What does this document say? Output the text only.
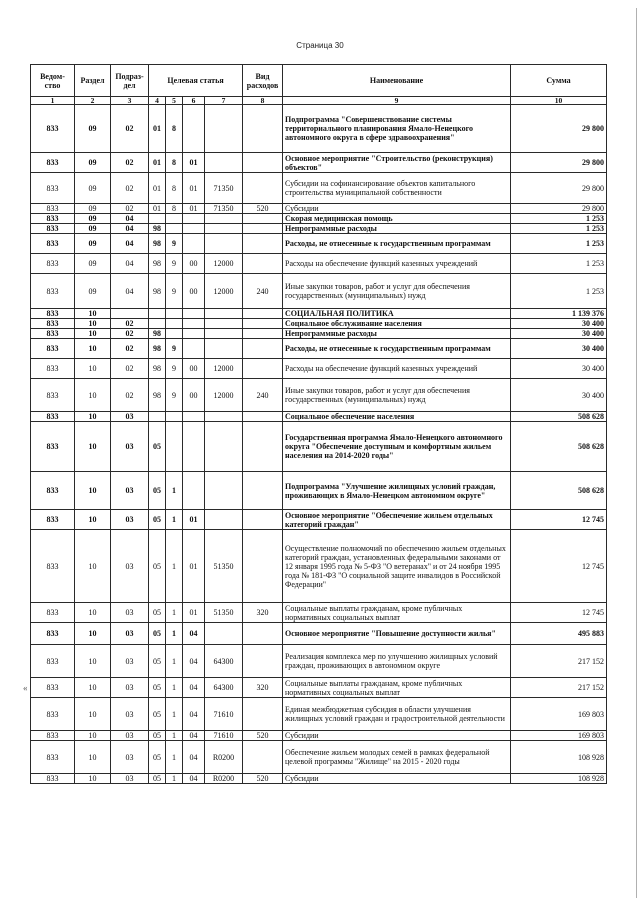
Страница 30
«
Ведом-ство	Раздел	Подраз-дел	Целевая статья				Вид расходов	Наименование	Сумма
1	2	3	4	5	6	7	8	9	10
833	09	02	01	8				Подпрограмма "Совершенствование системы территориального планирования Ямало-Ненецкого автономного округа в сфере здравоохранения"	29 800
833	09	02	01	8	01			Основное мероприятие "Строительство (реконструкция) объектов"	29 800
833	09	02	01	8	01	71350		Субсидии на софинансирование объектов капитального строительства муниципальной собственности	29 800
833	09	02	01	8	01	71350	520	Субсидии	29 800
833	09	04						Скорая медицинская помощь	1 253
833	09	04	98					Непрограммные расходы	1 253
833	09	04	98	9				Расходы, не отнесенные к государственным программам	1 253
833	09	04	98	9	00	12000		Расходы на обеспечение функций казенных учреждений	1 253
833	09	04	98	9	00	12000	240	Иные закупки товаров, работ и услуг для обеспечения государственных (муниципальных) нужд	1 253
833	10							СОЦИАЛЬНАЯ ПОЛИТИКА	1 139 376
833	10	02						Социальное обслуживание населения	30 400
833	10	02	98					Непрограммные расходы	30 400
833	10	02	98	9				Расходы, не отнесенные к государственным программам	30 400
833	10	02	98	9	00	12000		Расходы на обеспечение функций казенных учреждений	30 400
833	10	02	98	9	00	12000	240	Иные закупки товаров, работ и услуг для обеспечения государственных (муниципальных) нужд	30 400
833	10	03						Социальное обеспечение населения	508 628
833	10	03	05					Государственная программа Ямало-Ненецкого автономного округа "Обеспечение доступным и комфортным жильем населения на 2014-2020 годы"	508 628
833	10	03	05	1				Подпрограмма "Улучшение жилищных условий граждан, проживающих в Ямало-Ненецком автономном округе"	508 628
833	10	03	05	1	01			Основное мероприятие "Обеспечение жильем отдельных категорий граждан"	12 745
833	10	03	05	1	01	51350		Осуществление полномочий по обеспечению жильем отдельных категорий граждан, установленных федеральными законами от 12 января 1995 года № 5-ФЗ "О ветеранах" и от 24 ноября 1995 года № 181-ФЗ "О социальной защите инвалидов в Российской Федерации"	12 745
833	10	03	05	1	01	51350	320	Социальные выплаты гражданам, кроме публичных нормативных социальных выплат	12 745
833	10	03	05	1	04			Основное мероприятие "Повышение доступности жилья"	495 883
833	10	03	05	1	04	64300		Реализация комплекса мер по улучшению жилищных условий граждан, проживающих в автономном округе	217 152
833	10	03	05	1	04	64300	320	Социальные выплаты гражданам, кроме публичных нормативных социальных выплат	217 152
833	10	03	05	1	04	71610		Единая межбюджетная субсидия в области улучшения жилищных условий граждан и градостроительной деятельности	169 803
833	10	03	05	1	04	71610	520	Субсидии	169 803
833	10	03	05	1	04	R0200		Обеспечение жильем молодых семей в рамках федеральной целевой программы "Жилище" на 2015 - 2020 годы	108 928
833	10	03	05	1	04	R0200	520	Субсидии	108 928
